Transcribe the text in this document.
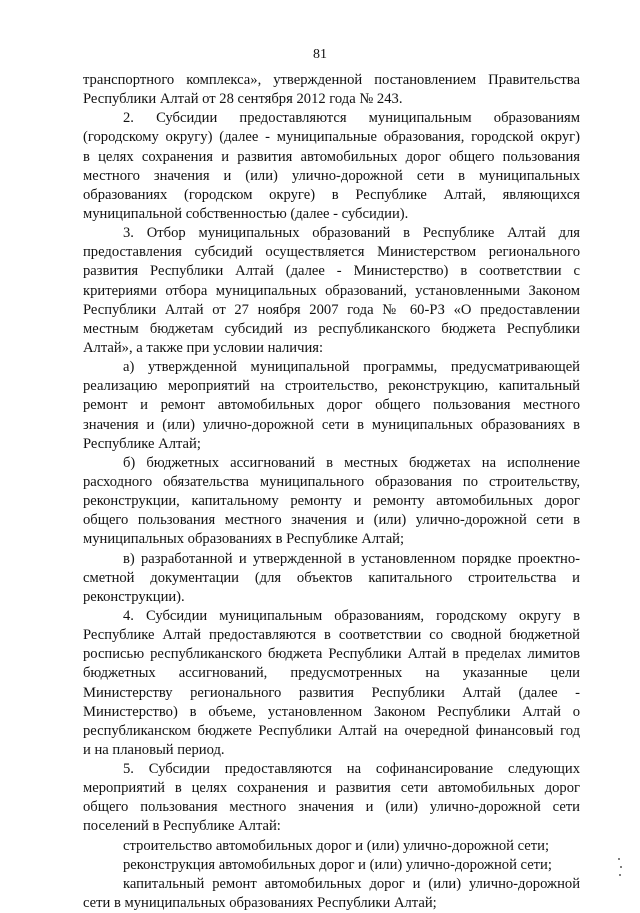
81
транспортного комплекса», утвержденной постановлением Правительства
Республики Алтай от 28 сентября 2012 года № 243.
2. Субсидии предоставляются муниципальным образованиям
(городскому округу) (далее - муниципальные образования, городской округ)
в целях сохранения и развития автомобильных дорог общего пользования
местного значения и (или) улично-дорожной сети в муниципальных
образованиях (городском округе) в Республике Алтай, являющихся
муниципальной собственностью (далее - субсидии).
3. Отбор муниципальных образований в Республике Алтай для
предоставления субсидий осуществляется Министерством регионального
развития Республики Алтай (далее - Министерство) в соответствии с
критериями отбора муниципальных образований, установленными Законом
Республики Алтай от 27 ноября 2007 года № 60-РЗ «О предоставлении
местным бюджетам субсидий из республиканского бюджета Республики
Алтай», а также при условии наличия:
а) утвержденной муниципальной программы, предусматривающей
реализацию мероприятий на строительство, реконструкцию, капитальный
ремонт и ремонт автомобильных дорог общего пользования местного
значения и (или) улично-дорожной сети в муниципальных образованиях в
Республике Алтай;
б) бюджетных ассигнований в местных бюджетах на исполнение
расходного обязательства муниципального образования по строительству,
реконструкции, капитальному ремонту и ремонту автомобильных дорог
общего пользования местного значения и (или) улично-дорожной сети в
муниципальных образованиях в Республике Алтай;
в) разработанной и утвержденной в установленном порядке проектно-
сметной документации (для объектов капитального строительства и
реконструкции).
4. Субсидии муниципальным образованиям, городскому округу в
Республике Алтай предоставляются в соответствии со сводной бюджетной
росписью республиканского бюджета Республики Алтай в пределах лимитов
бюджетных ассигнований, предусмотренных на указанные цели
Министерству регионального развития Республики Алтай (далее -
Министерство) в объеме, установленном Законом Республики Алтай о
республиканском бюджете Республики Алтай на очередной финансовый год
и на плановый период.
5. Субсидии предоставляются на софинансирование следующих
мероприятий в целях сохранения и развития сети автомобильных дорог
общего пользования местного значения и (или) улично-дорожной сети
поселений в Республике Алтай:
строительство автомобильных дорог и (или) улично-дорожной сети;
реконструкция автомобильных дорог и (или) улично-дорожной сети;
капитальный ремонт автомобильных дорог и (или) улично-дорожной
сети в муниципальных образованиях Республики Алтай;
